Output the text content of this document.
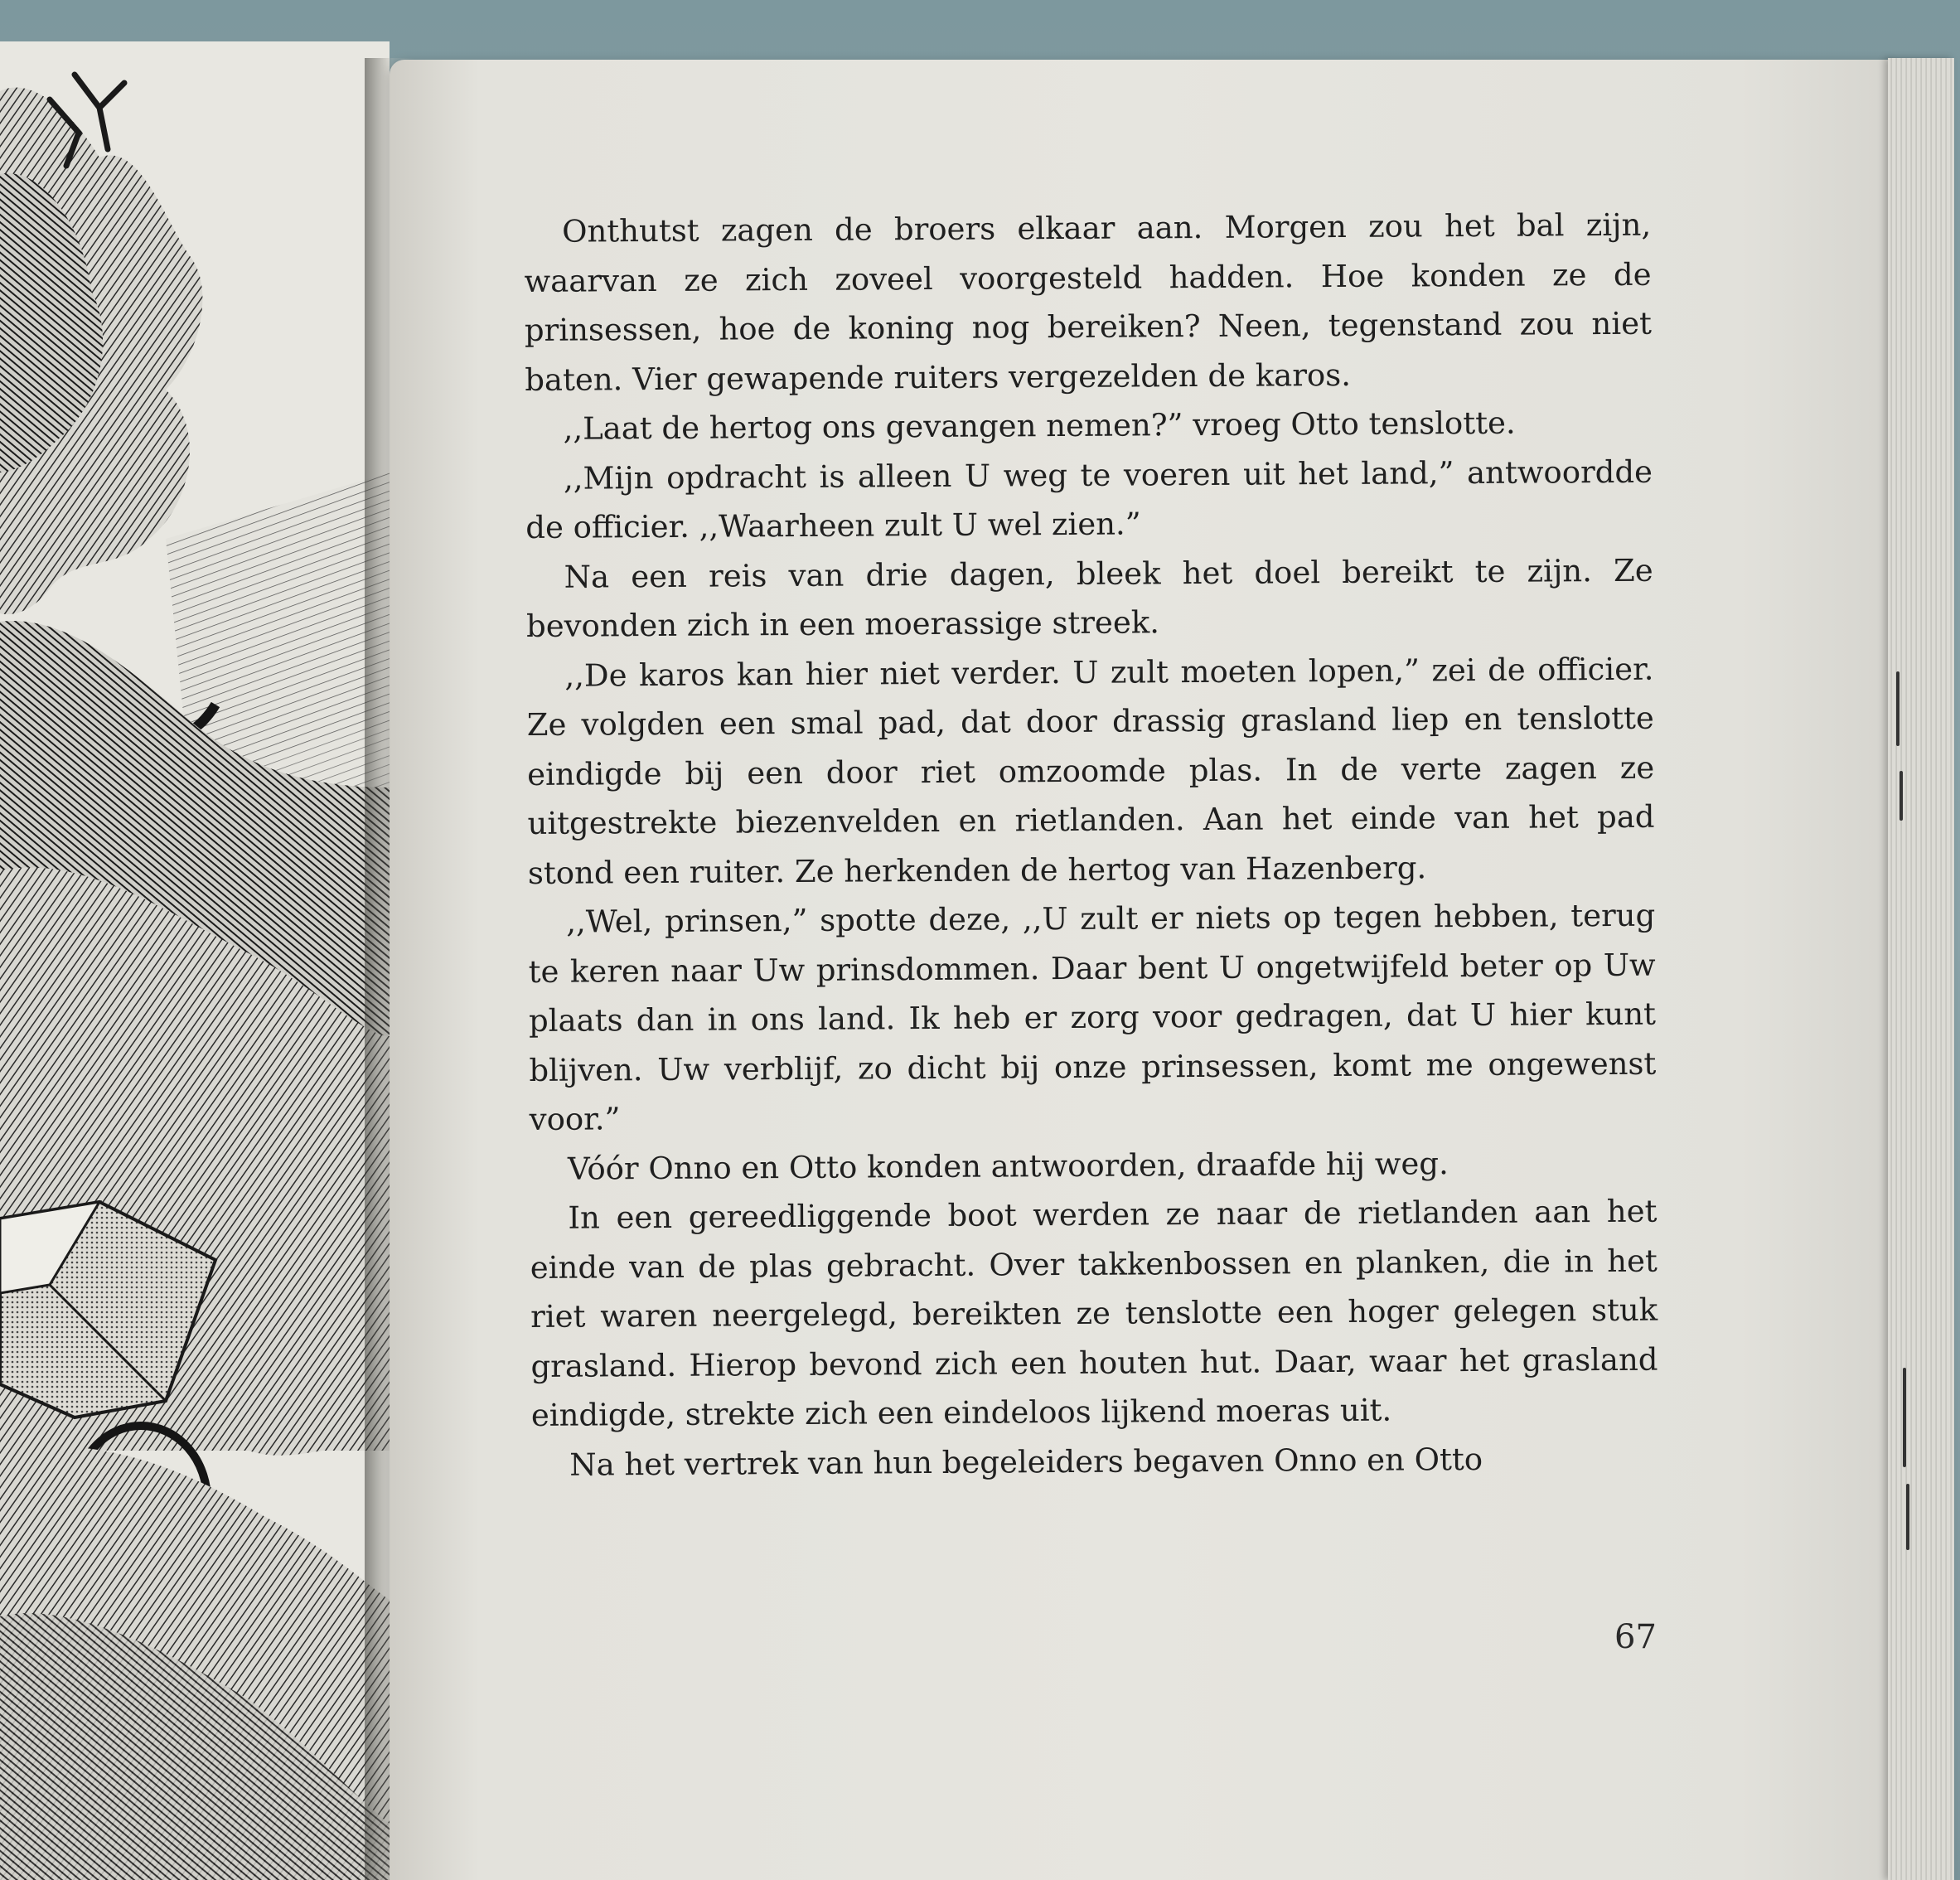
Onthutst zagen de broers elkaar aan. Morgen zou het bal zijn, waarvan ze zich zoveel voorgesteld hadden. Hoe konden ze de prinsessen, hoe de koning nog bereiken? Neen, tegenstand zou niet baten. Vier gewapende ruiters vergezelden de karos.

,,Laat de hertog ons gevangen nemen?” vroeg Otto tenslotte.

,,Mijn opdracht is alleen U weg te voeren uit het land,” antwoordde de officier. ,,Waarheen zult U wel zien.”

Na een reis van drie dagen, bleek het doel bereikt te zijn. Ze bevonden zich in een moerassige streek.

,,De karos kan hier niet verder. U zult moeten lopen,” zei de officier. Ze volgden een smal pad, dat door drassig grasland liep en tenslotte eindigde bij een door riet omzoomde plas. In de verte zagen ze uitgestrekte biezenvelden en rietlanden. Aan het einde van het pad stond een ruiter. Ze herkenden de hertog van Hazenberg.

,,Wel, prinsen,” spotte deze, ,,U zult er niets op tegen hebben, terug te keren naar Uw prinsdommen. Daar bent U ongetwijfeld beter op Uw plaats dan in ons land. Ik heb er zorg voor gedragen, dat U hier kunt blijven. Uw verblijf, zo dicht bij onze prinsessen, komt me ongewenst voor.”

Vóór Onno en Otto konden antwoorden, draafde hij weg.

In een gereedliggende boot werden ze naar de rietlanden aan het einde van de plas gebracht. Over takkenbossen en planken, die in het riet waren neergelegd, bereikten ze tenslotte een hoger gelegen stuk grasland. Hierop bevond zich een houten hut. Daar, waar het grasland eindigde, strekte zich een eindeloos lijkend moeras uit.

Na het vertrek van hun begeleiders begaven Onno en Otto

67
